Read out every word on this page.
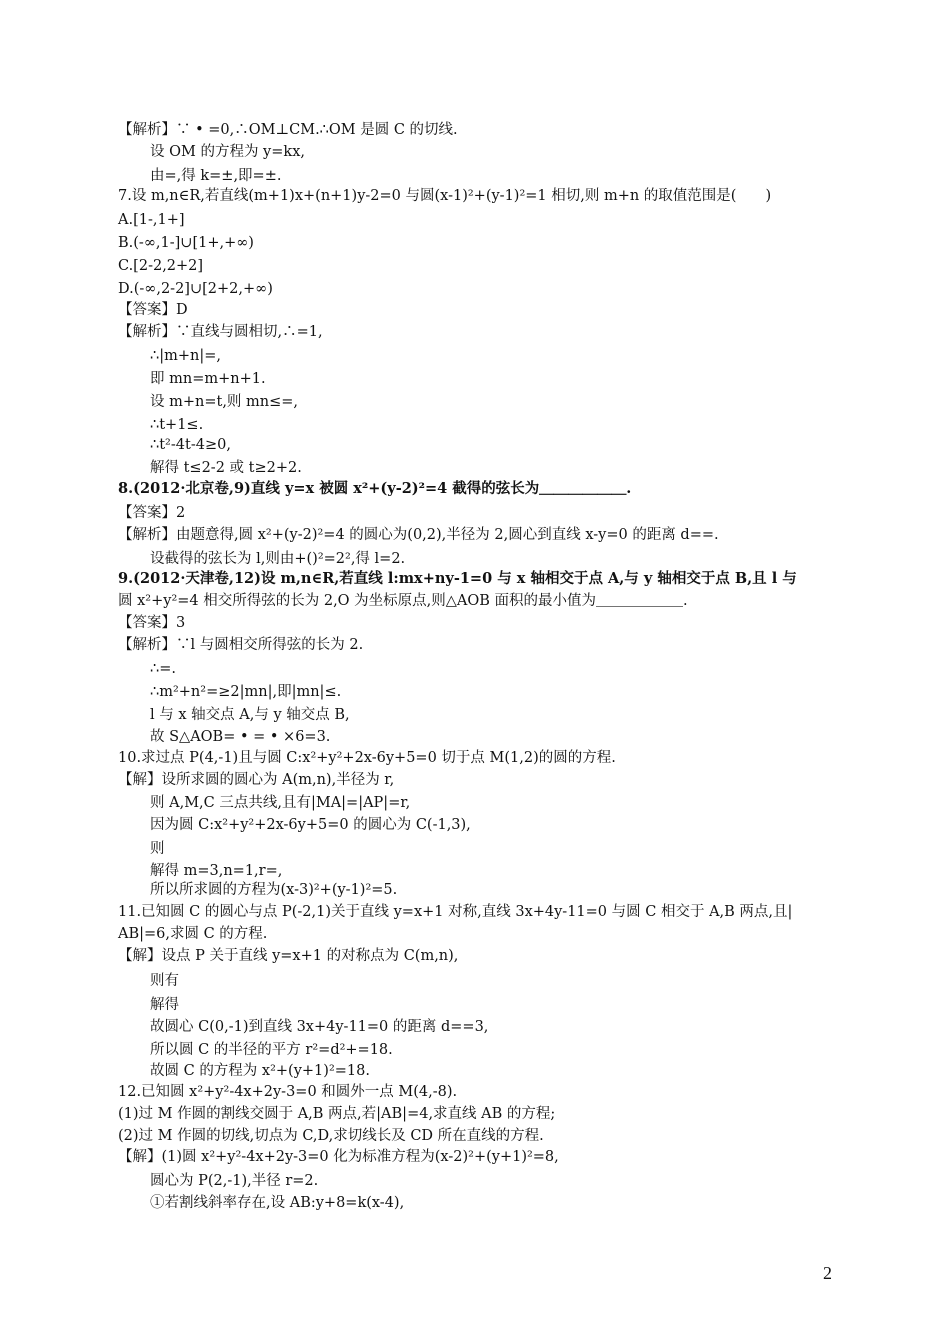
【解析】∵ • =0,∴OM⊥CM.∴OM 是圆 C 的切线.
设 OM 的方程为 y=kx,
由=,得 k=±,即=±.
7.设 m,n∈R,若直线(m+1)x+(n+1)y-2=0 与圆(x-1)²+(y-1)²=1 相切,则 m+n 的取值范围是(　　)
A.[1-,1+]
B.(-∞,1-]∪[1+,+∞)
C.[2-2,2+2]
D.(-∞,2-2]∪[2+2,+∞)
【答案】D
【解析】∵直线与圆相切,∴=1,
∴|m+n|=,
即 mn=m+n+1.
设 m+n=t,则 mn≤=,
∴t+1≤.
∴t²-4t-4≥0,
解得 t≤2-2 或 t≥2+2.
8.(2012·北京卷,9)直线 y=x 被圆 x²+(y-2)²=4 截得的弦长为＿＿＿＿＿＿.
【答案】2
【解析】由题意得,圆 x²+(y-2)²=4 的圆心为(0,2),半径为 2,圆心到直线 x-y=0 的距离 d==.
设截得的弦长为 l,则由+()²=2²,得 l=2.
9.(2012·天津卷,12)设 m,n∈R,若直线 l:mx+ny-1=0 与 x 轴相交于点 A,与 y 轴相交于点 B,且 l 与
圆 x²+y²=4 相交所得弦的长为 2,O 为坐标原点,则△AOB 面积的最小值为＿＿＿＿＿＿.
【答案】3
【解析】∵l 与圆相交所得弦的长为 2.
∴=.
∴m²+n²=≥2|mn|,即|mn|≤.
l 与 x 轴交点 A,与 y 轴交点 B,
故 S△AOB= • = • ×6=3.
10.求过点 P(4,-1)且与圆 C:x²+y²+2x-6y+5=0 切于点 M(1,2)的圆的方程.
【解】设所求圆的圆心为 A(m,n),半径为 r,
则 A,M,C 三点共线,且有|MA|=|AP|=r,
因为圆 C:x²+y²+2x-6y+5=0 的圆心为 C(-1,3),
则
解得 m=3,n=1,r=,
所以所求圆的方程为(x-3)²+(y-1)²=5.
11.已知圆 C 的圆心与点 P(-2,1)关于直线 y=x+1 对称,直线 3x+4y-11=0 与圆 C 相交于 A,B 两点,且|
AB|=6,求圆 C 的方程.
【解】设点 P 关于直线 y=x+1 的对称点为 C(m,n),
则有
解得
故圆心 C(0,-1)到直线 3x+4y-11=0 的距离 d==3,
所以圆 C 的半径的平方 r²=d²+=18.
故圆 C 的方程为 x²+(y+1)²=18.
12.已知圆 x²+y²-4x+2y-3=0 和圆外一点 M(4,-8).
(1)过 M 作圆的割线交圆于 A,B 两点,若|AB|=4,求直线 AB 的方程;
(2)过 M 作圆的切线,切点为 C,D,求切线长及 CD 所在直线的方程.
【解】(1)圆 x²+y²-4x+2y-3=0 化为标准方程为(x-2)²+(y+1)²=8,
圆心为 P(2,-1),半径 r=2.
①若割线斜率存在,设 AB:y+8=k(x-4),
2
